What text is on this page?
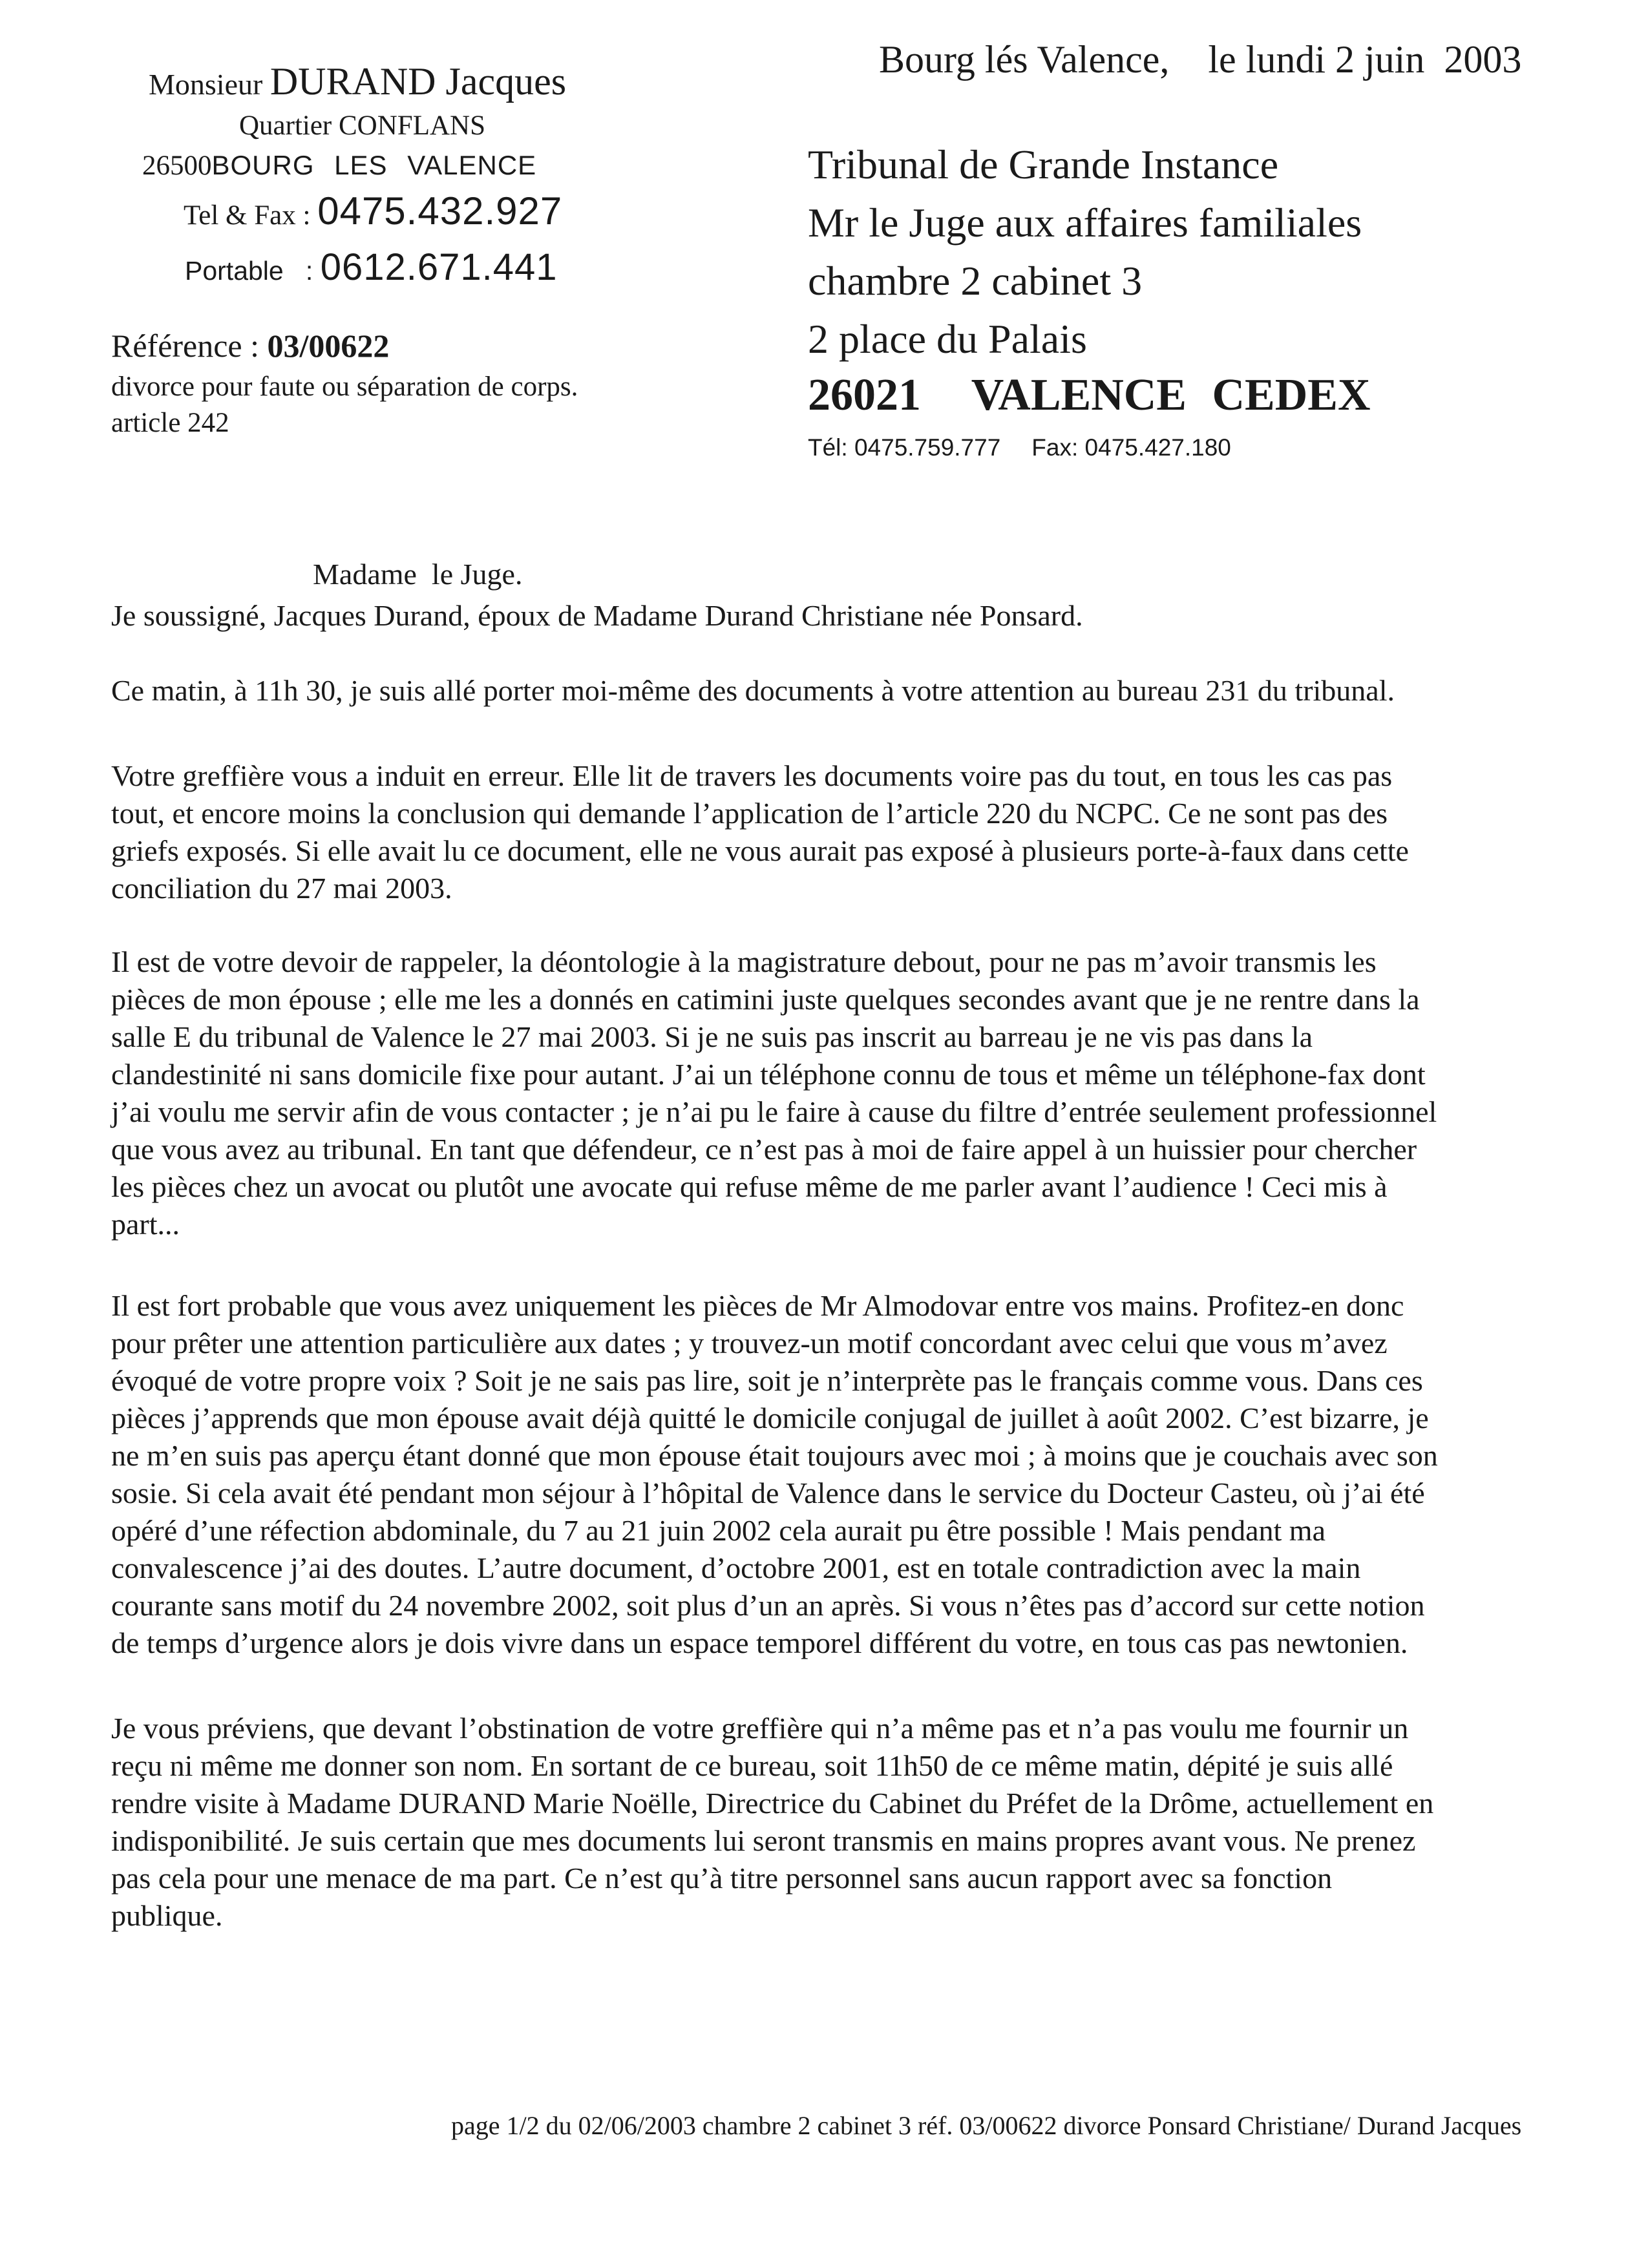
Monsieur DURAND Jacques
Quartier CONFLANS
26500BOURG LES VALENCE
Tel & Fax : 0475.432.927
Portable : 0612.671.441
Référence : 03/00622
divorce pour faute ou séparation de corps.
article 242
Bourg lés Valence,    le lundi 2 juin  2003
Tribunal de Grande Instance
Mr le Juge aux affaires familiales
chambre 2 cabinet 3
2 place du Palais
26021  VALENCE CEDEX
Tél: 0475.759.777 Fax: 0475.427.180
Madame  le Juge.
Je soussigné, Jacques Durand, époux de Madame Durand Christiane née Ponsard.
Ce matin, à 11h 30, je suis allé porter moi-même des documents à votre attention au bureau 231 du tribunal.
Votre greffière vous a induit en erreur. Elle lit de travers les documents voire pas du tout, en tous les cas pas
tout, et encore moins la conclusion qui demande l’application de l’article 220 du NCPC. Ce ne sont pas des
griefs exposés. Si elle avait lu ce document, elle ne vous aurait pas exposé à plusieurs porte-à-faux dans cette
conciliation du 27 mai 2003.
Il est de votre devoir de rappeler, la déontologie à la magistrature debout, pour ne pas m’avoir transmis les
pièces de mon épouse ; elle me les a donnés en catimini juste quelques secondes avant que je ne rentre dans la
salle E du tribunal de Valence le 27 mai 2003. Si je ne suis pas inscrit au barreau je ne vis pas dans la
clandestinité ni sans domicile fixe pour autant. J’ai un téléphone connu de tous et même un téléphone-fax dont
j’ai voulu me servir afin de vous contacter ; je n’ai pu le faire à cause du filtre d’entrée seulement professionnel
que vous avez au tribunal. En tant que défendeur, ce n’est pas à moi de faire appel à un huissier pour chercher
les pièces chez un avocat ou plutôt une avocate qui refuse même de me parler avant l’audience ! Ceci mis à
part...
Il est fort probable que vous avez uniquement les pièces de Mr Almodovar entre vos mains. Profitez-en donc
pour prêter une attention particulière aux dates ; y trouvez-un motif concordant avec celui que vous m’avez
évoqué de votre propre voix ? Soit je ne sais pas lire, soit je n’interprète pas le français comme vous. Dans ces
pièces j’apprends que mon épouse avait déjà quitté le domicile conjugal de juillet à août 2002. C’est bizarre, je
ne m’en suis pas aperçu étant donné que mon épouse était toujours avec moi ; à moins que je couchais avec son
sosie. Si cela avait été pendant mon séjour à l’hôpital de Valence dans le service du Docteur Casteu, où j’ai été
opéré d’une réfection abdominale, du 7 au 21 juin 2002 cela aurait pu être possible ! Mais pendant ma
convalescence j’ai des doutes. L’autre document, d’octobre 2001, est en totale contradiction avec la main
courante sans motif du 24 novembre 2002, soit plus d’un an après. Si vous n’êtes pas d’accord sur cette notion
de temps d’urgence alors je dois vivre dans un espace temporel différent du votre, en tous cas pas newtonien.
Je vous préviens, que devant l’obstination de votre greffière qui n’a même pas et n’a pas voulu me fournir un
reçu ni même me donner son nom. En sortant de ce bureau, soit 11h50 de ce même matin, dépité je suis allé
rendre visite à Madame DURAND Marie Noëlle, Directrice du Cabinet du Préfet de la Drôme, actuellement en
indisponibilité. Je suis certain que mes documents lui seront transmis en mains propres avant vous. Ne prenez
pas cela pour une menace de ma part. Ce n’est qu’à titre personnel sans aucun rapport avec sa fonction
publique.
page 1/2 du 02/06/2003 chambre 2 cabinet 3 réf. 03/00622 divorce Ponsard Christiane/ Durand Jacques
